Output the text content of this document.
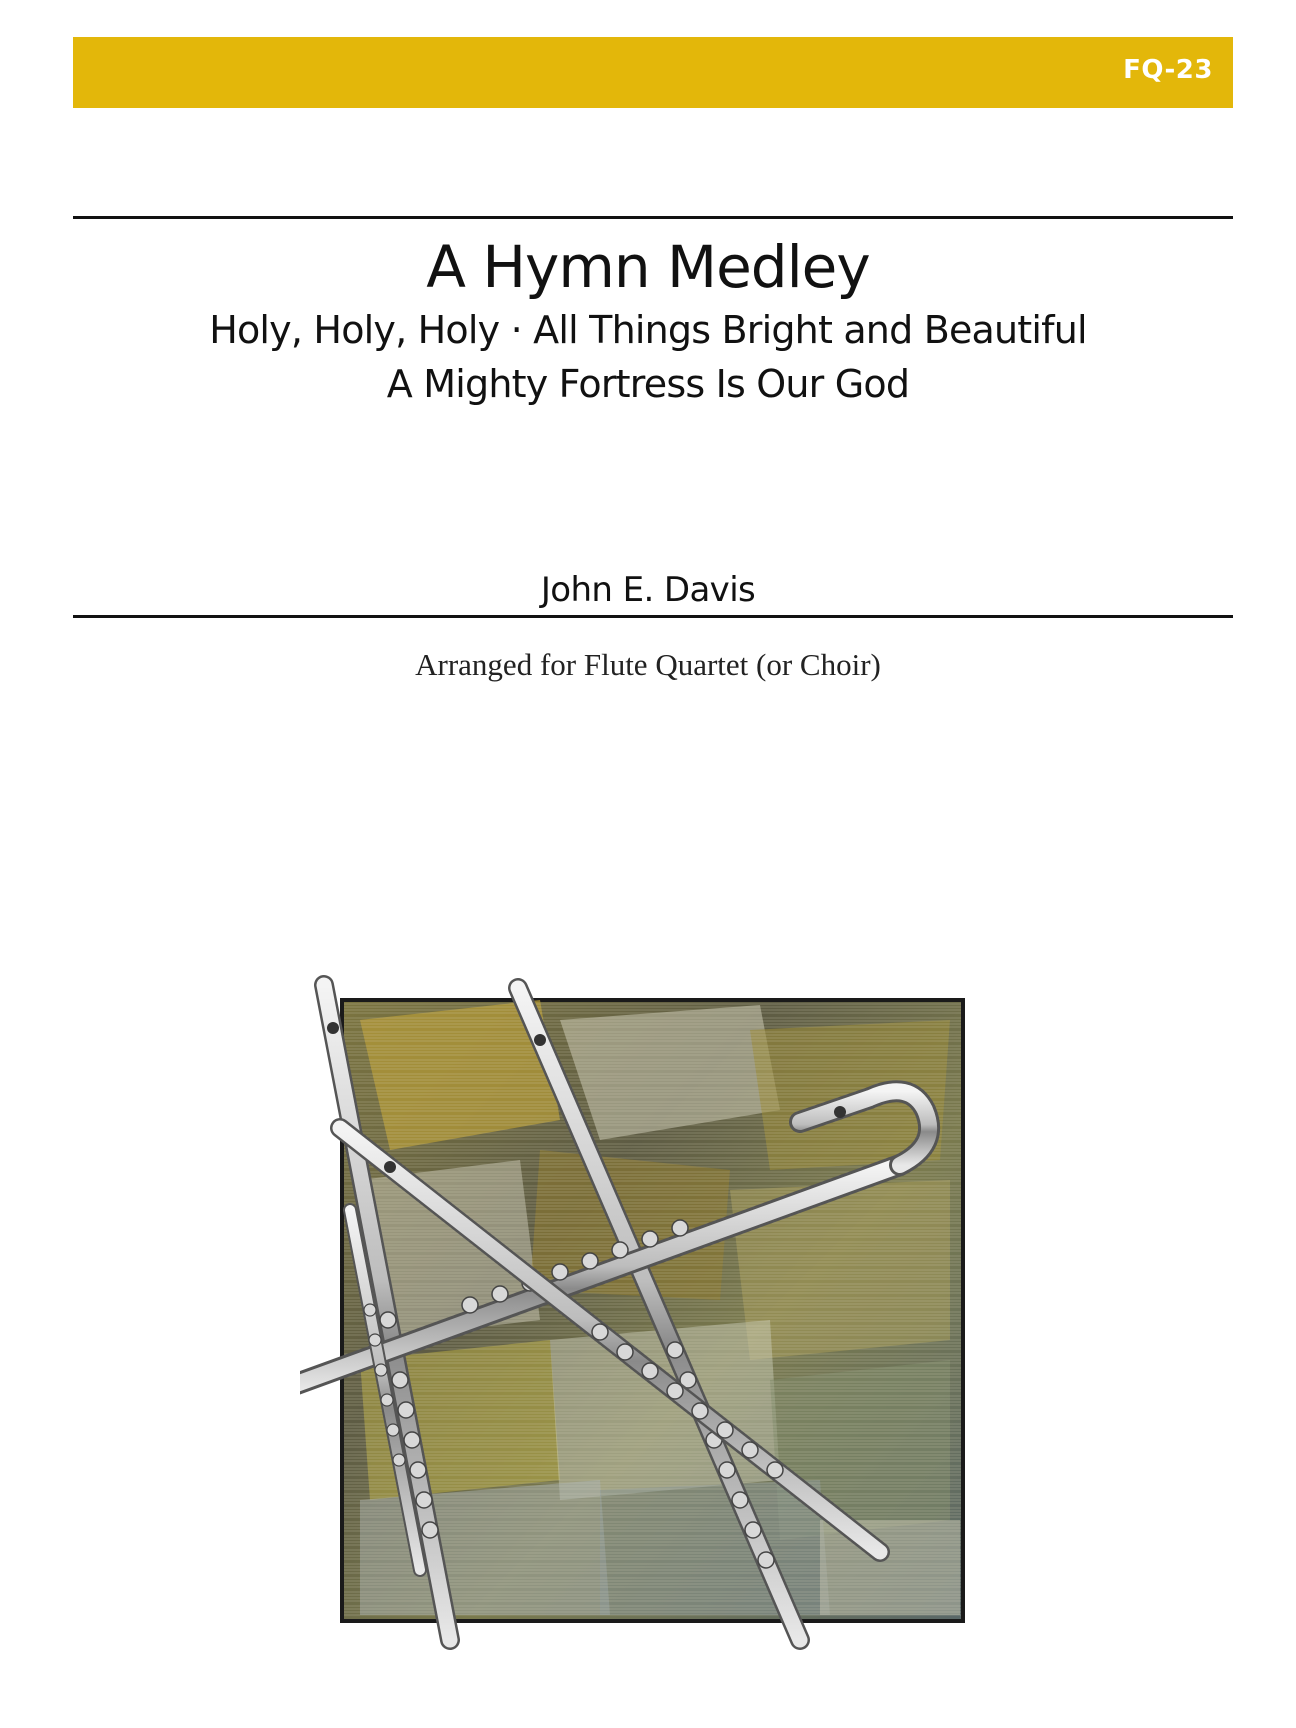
FQ-23
A Hymn Medley
Holy, Holy, Holy · All Things Bright and Beautiful
A Mighty Fortress Is Our God
John E. Davis
Arranged for Flute Quartet (or Choir)
